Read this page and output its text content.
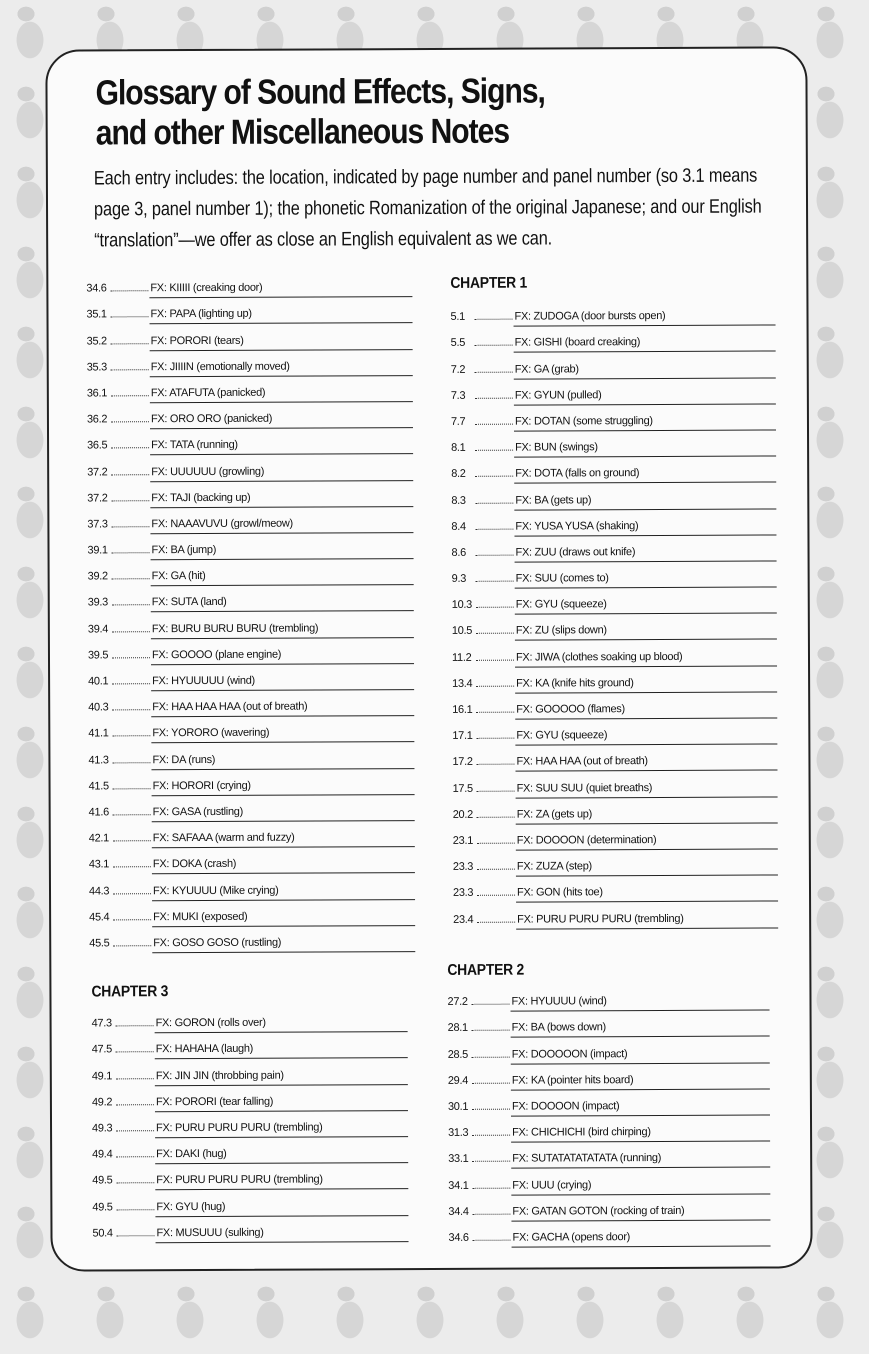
Glossary of Sound Effects, Signs,
and other Miscellaneous Notes

Each entry includes: the location, indicated by page number and panel number (so 3.1 means page 3, panel number 1); the phonetic Romanization of the original Japanese; and our English “translation”—we offer as close an English equivalent as we can.

34.6	FX: KIIIII (creaking door)
35.1	FX: PAPA (lighting up)
35.2	FX: PORORI (tears)
35.3	FX: JIIIIN (emotionally moved)
36.1	FX: ATAFUTA (panicked)
36.2	FX: ORO ORO (panicked)
36.5	FX: TATA (running)
37.2	FX: UUUUUU (growling)
37.2	FX: TAJI (backing up)
37.3	FX: NAAAVUVU (growl/meow)
39.1	FX: BA (jump)
39.2	FX: GA (hit)
39.3	FX: SUTA (land)
39.4	FX: BURU BURU BURU (trembling)
39.5	FX: GOOOO (plane engine)
40.1	FX: HYUUUUU (wind)
40.3	FX: HAA HAA HAA (out of breath)
41.1	FX: YORORO (wavering)
41.3	FX: DA (runs)
41.5	FX: HORORI (crying)
41.6	FX: GASA (rustling)
42.1	FX: SAFAAA (warm and fuzzy)
43.1	FX: DOKA (crash)
44.3	FX: KYUUUU (Mike crying)
45.4	FX: MUKI (exposed)
45.5	FX: GOSO GOSO (rustling)
CHAPTER 3
47.3	FX: GORON (rolls over)
47.5	FX: HAHAHA (laugh)
49.1	FX: JIN JIN (throbbing pain)
49.2	FX: PORORI (tear falling)
49.3	FX: PURU PURU PURU (trembling)
49.4	FX: DAKI (hug)
49.5	FX: PURU PURU PURU (trembling)
49.5	FX: GYU (hug)
50.4	FX: MUSUUU (sulking)
CHAPTER 1
5.1	FX: ZUDOGA (door bursts open)
5.5	FX: GISHI (board creaking)
7.2	FX: GA (grab)
7.3	FX: GYUN (pulled)
7.7	FX: DOTAN (some struggling)
8.1	FX: BUN (swings)
8.2	FX: DOTA (falls on ground)
8.3	FX: BA (gets up)
8.4	FX: YUSA YUSA (shaking)
8.6	FX: ZUU (draws out knife)
9.3	FX: SUU (comes to)
10.3	FX: GYU (squeeze)
10.5	FX: ZU (slips down)
11.2	FX: JIWA (clothes soaking up blood)
13.4	FX: KA (knife hits ground)
16.1	FX: GOOOOO (flames)
17.1	FX: GYU (squeeze)
17.2	FX: HAA HAA (out of breath)
17.5	FX: SUU SUU (quiet breaths)
20.2	FX: ZA (gets up)
23.1	FX: DOOOON (determination)
23.3	FX: ZUZA (step)
23.3	FX: GON (hits toe)
23.4	FX: PURU PURU PURU (trembling)
CHAPTER 2
27.2	FX: HYUUUU (wind)
28.1	FX: BA (bows down)
28.5	FX: DOOOOON (impact)
29.4	FX: KA (pointer hits board)
30.1	FX: DOOOON (impact)
31.3	FX: CHICHICHI (bird chirping)
33.1	FX: SUTATATATATATA (running)
34.1	FX: UUU (crying)
34.4	FX: GATAN GOTON (rocking of train)
34.6	FX: GACHA (opens door)
